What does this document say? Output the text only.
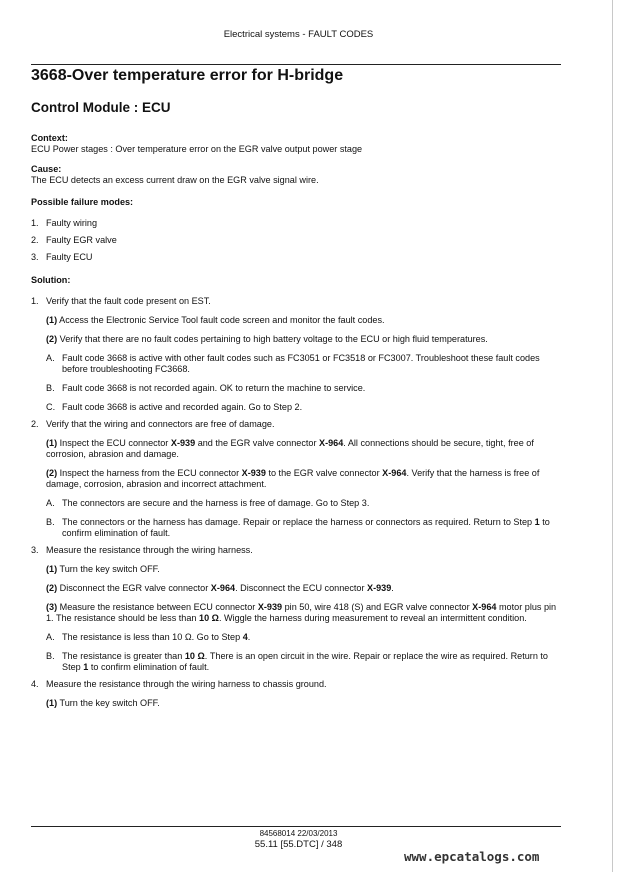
Electrical systems - FAULT CODES
3668-Over temperature error for H-bridge
Control Module : ECU
Context:
ECU Power stages : Over temperature error on the EGR valve output power stage
Cause:
The ECU detects an excess current draw on the EGR valve signal wire.
Possible failure modes:
1. Faulty wiring
2. Faulty EGR valve
3. Faulty ECU
Solution:
1. Verify that the fault code present on EST.
(1) Access the Electronic Service Tool fault code screen and monitor the fault codes.
(2) Verify that there are no fault codes pertaining to high battery voltage to the ECU or high fluid temperatures.
A. Fault code 3668 is active with other fault codes such as FC3051 or FC3518 or FC3007. Troubleshoot these fault codes before troubleshooting FC3668.
B. Fault code 3668 is not recorded again. OK to return the machine to service.
C. Fault code 3668 is active and recorded again. Go to Step 2.
2. Verify that the wiring and connectors are free of damage.
(1) Inspect the ECU connector X-939 and the EGR valve connector X-964. All connections should be secure, tight, free of corrosion, abrasion and damage.
(2) Inspect the harness from the ECU connector X-939 to the EGR valve connector X-964. Verify that the harness is free of damage, corrosion, abrasion and incorrect attachment.
A. The connectors are secure and the harness is free of damage. Go to Step 3.
B. The connectors or the harness has damage. Repair or replace the harness or connectors as required. Return to Step 1 to confirm elimination of fault.
3. Measure the resistance through the wiring harness.
(1) Turn the key switch OFF.
(2) Disconnect the EGR valve connector X-964. Disconnect the ECU connector X-939.
(3) Measure the resistance between ECU connector X-939 pin 50, wire 418 (S) and EGR valve connector X-964 motor plus pin 1. The resistance should be less than 10 Ω. Wiggle the harness during measurement to reveal an intermittent condition.
A. The resistance is less than 10 Ω. Go to Step 4.
B. The resistance is greater than 10 Ω. There is an open circuit in the wire. Repair or replace the wire as required. Return to Step 1 to confirm elimination of fault.
4. Measure the resistance through the wiring harness to chassis ground.
(1) Turn the key switch OFF.
84568014 22/03/2013
55.11 [55.DTC] / 348
www.epcatalogs.com
